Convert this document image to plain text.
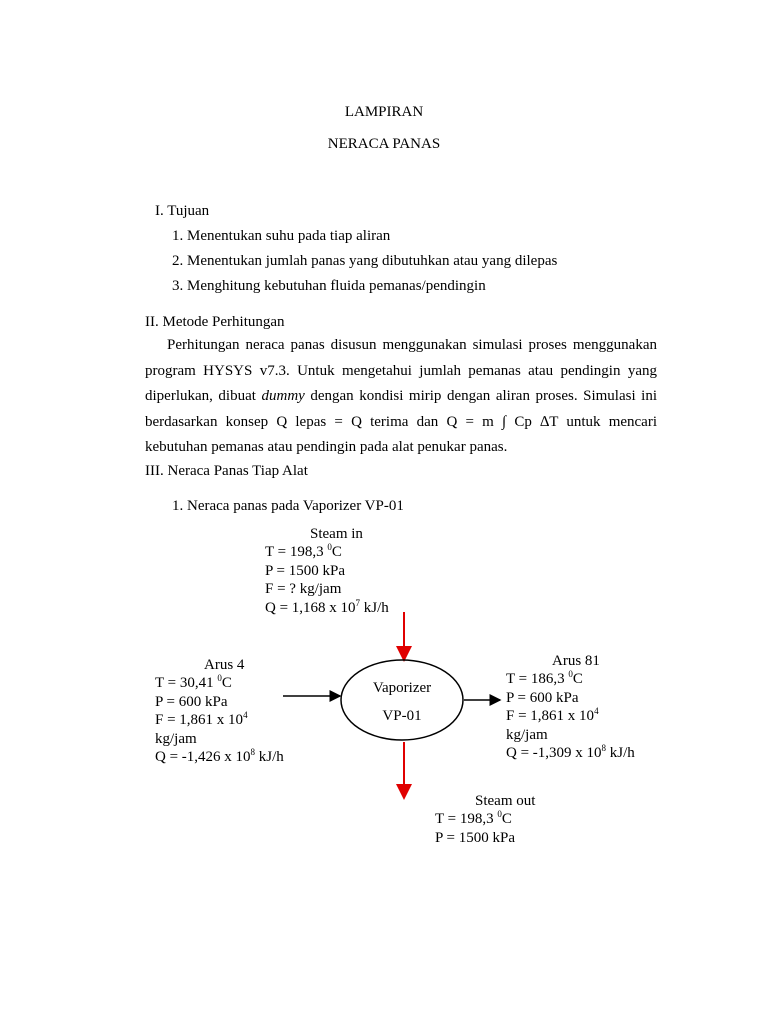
LAMPIRAN
NERACA PANAS
I. Tujuan
1. Menentukan suhu pada tiap aliran
2. Menentukan jumlah panas yang dibutuhkan atau yang dilepas
3. Menghitung kebutuhan fluida pemanas/pendingin
II. Metode Perhitungan
Perhitungan neraca panas disusun menggunakan simulasi proses menggunakan
program HYSYS v7.3. Untuk mengetahui jumlah pemanas atau pendingin yang
diperlukan, dibuat dummy dengan kondisi mirip dengan aliran proses. Simulasi ini
berdasarkan konsep Q lepas = Q terima dan Q = m ∫ Cp ∆T untuk mencari
kebutuhan pemanas atau pendingin pada alat penukar panas.
III. Neraca Panas Tiap Alat
1. Neraca panas pada Vaporizer VP-01
Vaporizer
VP-01
Steam in
T = 198,3 $^0$C
P = 1500 kPa
F = ? kg/jam
Q = 1,168 x $10^7$ kJ/h
Arus 4
T = 30,41 $^0$C
P = 600 kPa
F = 1,861 x $10^4$
kg/jam
Q = -1,426 x $10^8$ kJ/h
Arus 81
T = 186,3 $^0$C
P = 600 kPa
F = 1,861 x $10^4$
kg/jam
Q = -1,309 x $10^8$ kJ/h
Steam out
T = 198,3 $^0$C
P = 1500 kPa
